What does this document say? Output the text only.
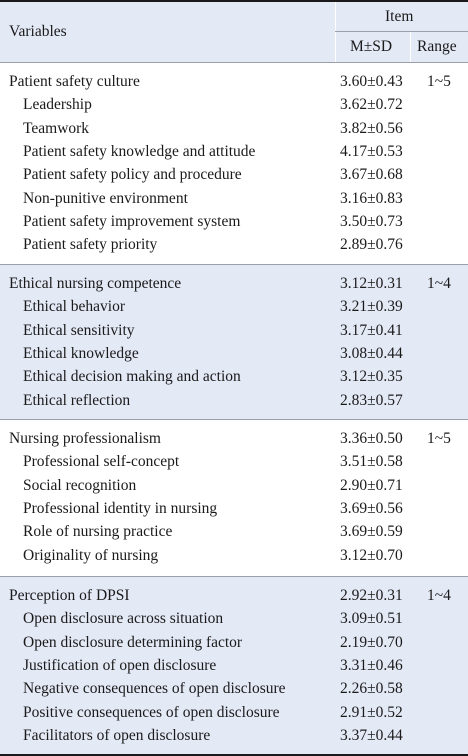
Variables
Item
M±SD Range
Patient safety culture	3.60±0.43 1~5
Leadership	3.62±0.72
Teamwork	3.82±0.56
Patient safety knowledge and attitude	4.17±0.53
Patient safety policy and procedure	3.67±0.68
Non-punitive environment	3.16±0.83
Patient safety improvement system	3.50±0.73
Patient safety priority	2.89±0.76
Ethical nursing competence	3.12±0.31 1~4
Ethical behavior	3.21±0.39
Ethical sensitivity	3.17±0.41
Ethical knowledge	3.08±0.44
Ethical decision making and action	3.12±0.35
Ethical reflection	2.83±0.57
Nursing professionalism	3.36±0.50 1~5
Professional self-concept	3.51±0.58
Social recognition	2.90±0.71
Professional identity in nursing	3.69±0.56
Role of nursing practice	3.69±0.59
Originality of nursing	3.12±0.70
Perception of DPSI	2.92±0.31 1~4
Open disclosure across situation	3.09±0.51
Open disclosure determining factor	2.19±0.70
Justification of open disclosure	3.31±0.46
Negative consequences of open disclosure	2.26±0.58
Positive consequences of open disclosure	2.91±0.52
Facilitators of open disclosure	3.37±0.44
